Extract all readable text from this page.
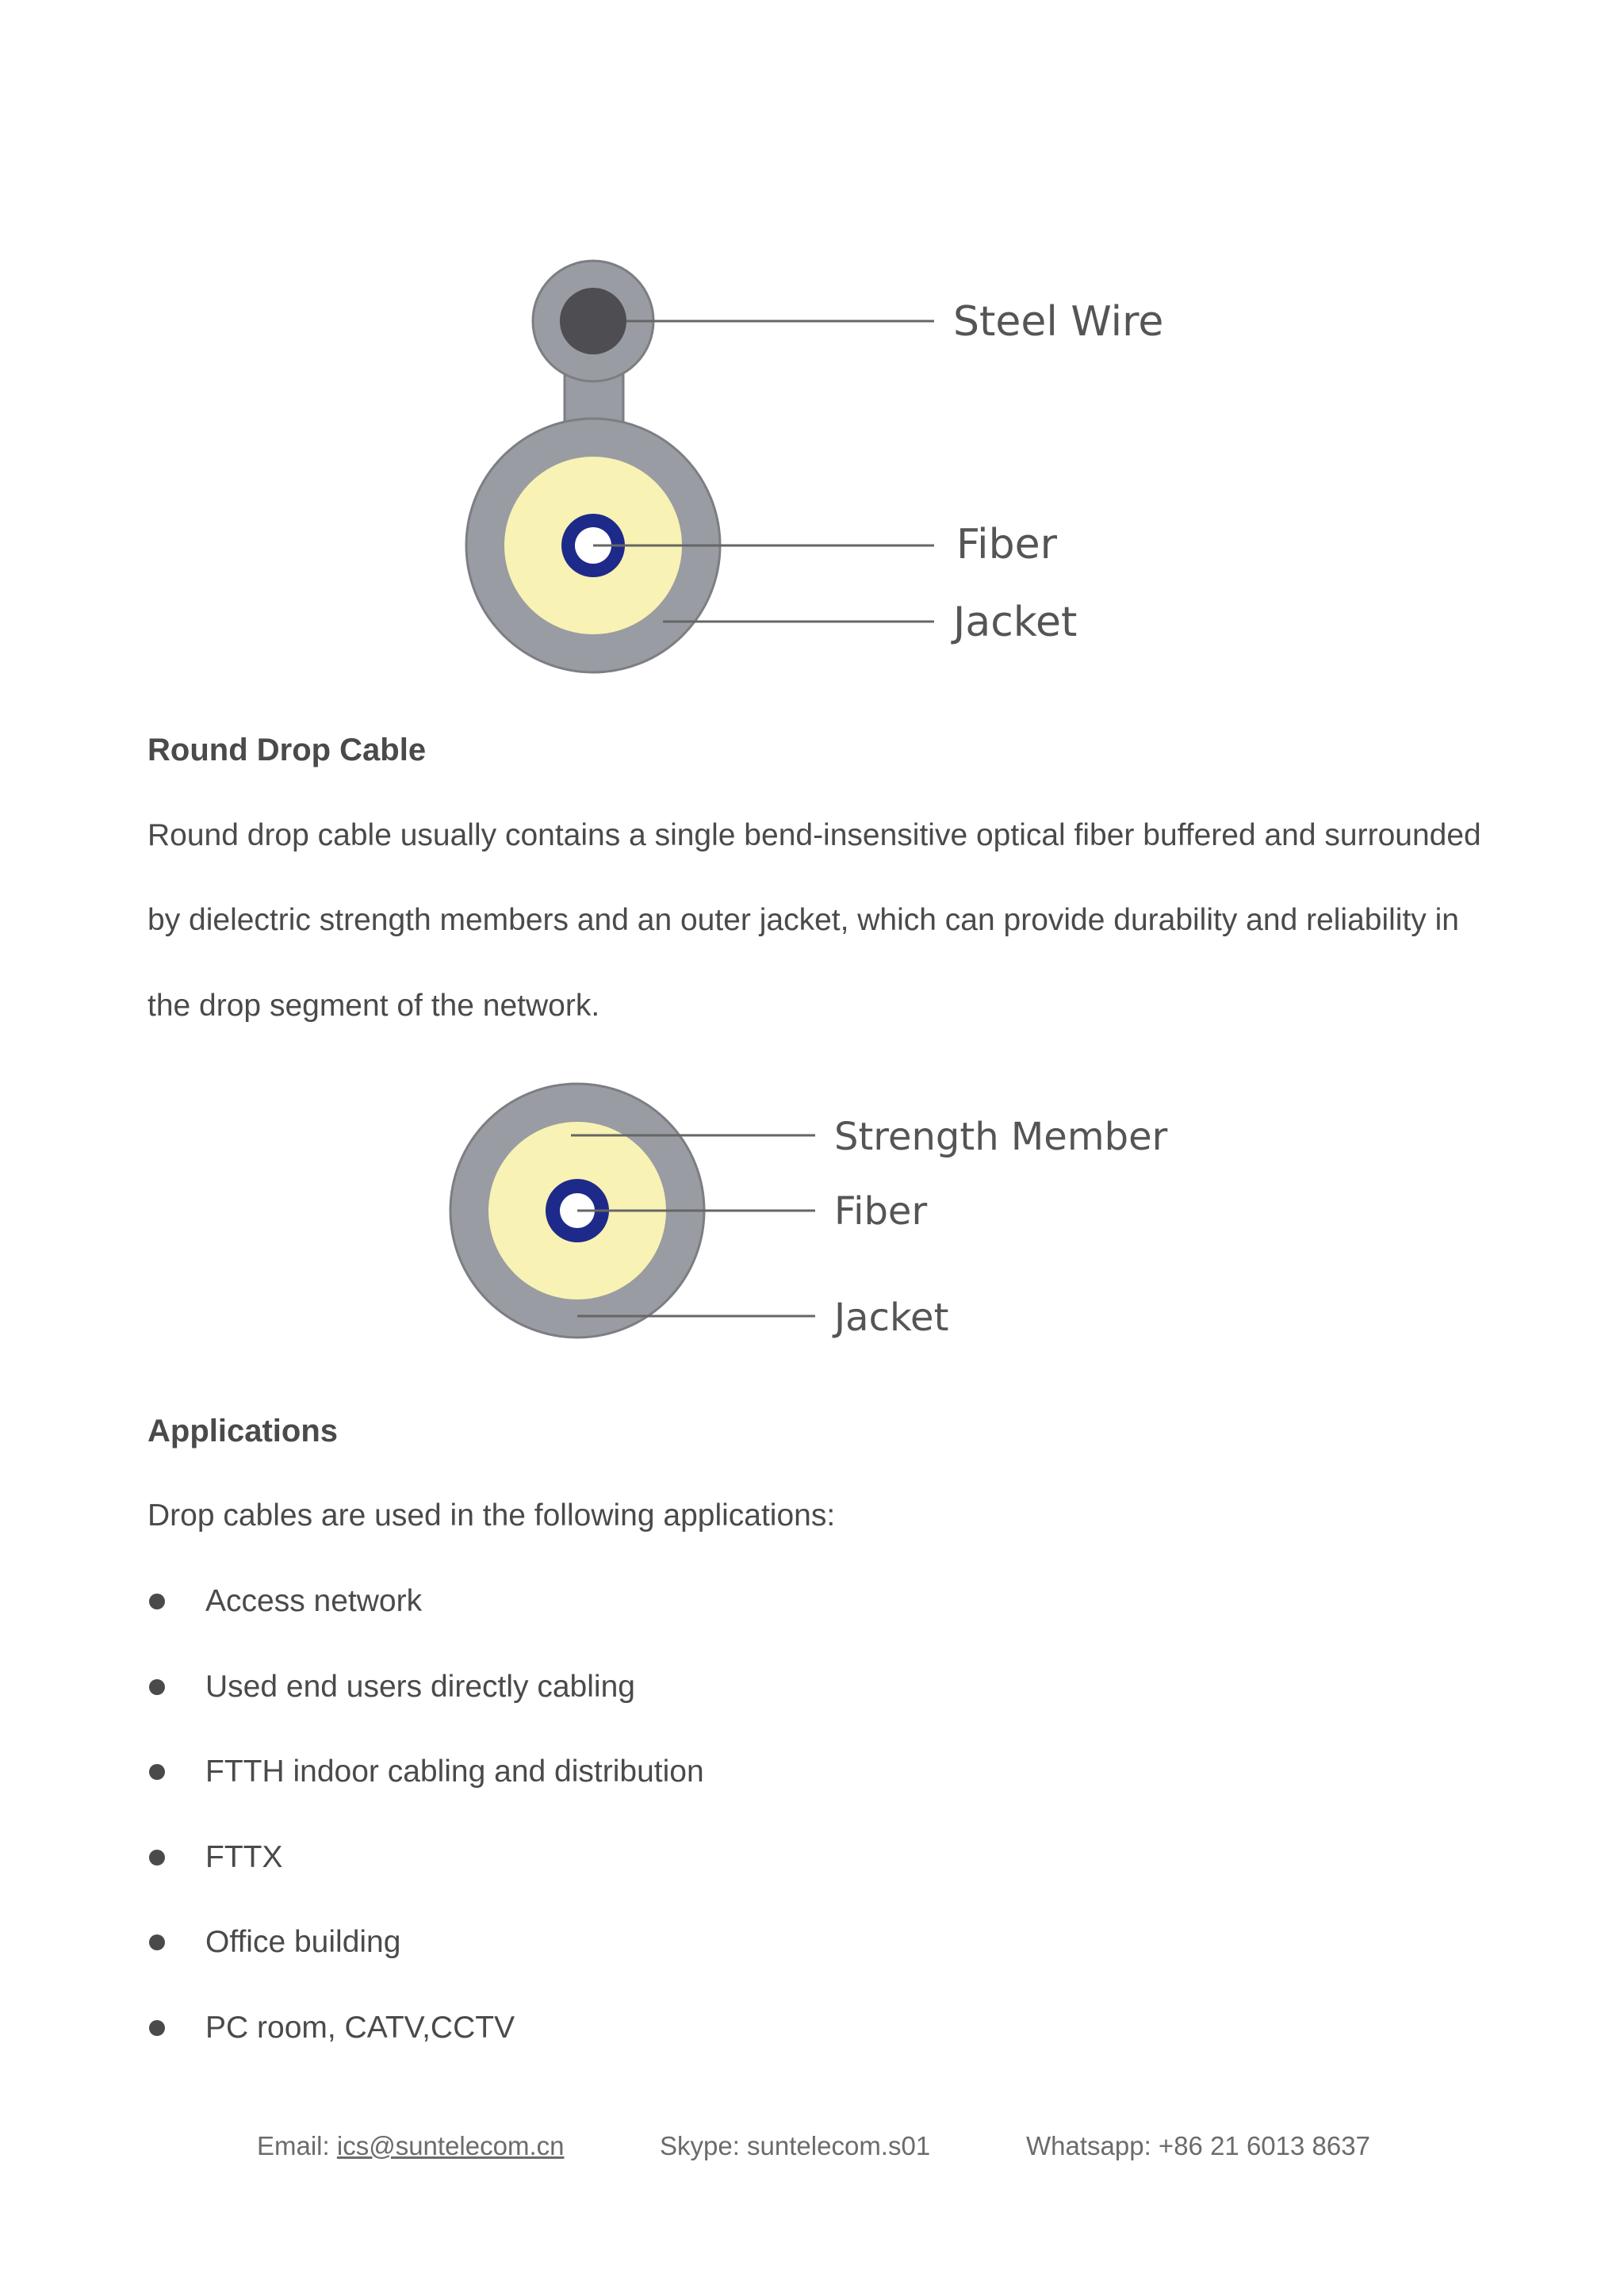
Steel Wire
Fiber
Jacket

Round Drop Cable

Round drop cable usually contains a single bend-insensitive optical fiber buffered and surrounded

by dielectric strength members and an outer jacket, which can provide durability and reliability in

the drop segment of the network.

Strength Member
Fiber
Jacket

Applications

Drop cables are used in the following applications:

Access network
Used end users directly cabling
FTTH indoor cabling and distribution
FTTX
Office building
PC room, CATV,CCTV
Email: ics@suntelecom.cn	Skype: suntelecom.s01	Whatsapp: +86 21 6013 8637
